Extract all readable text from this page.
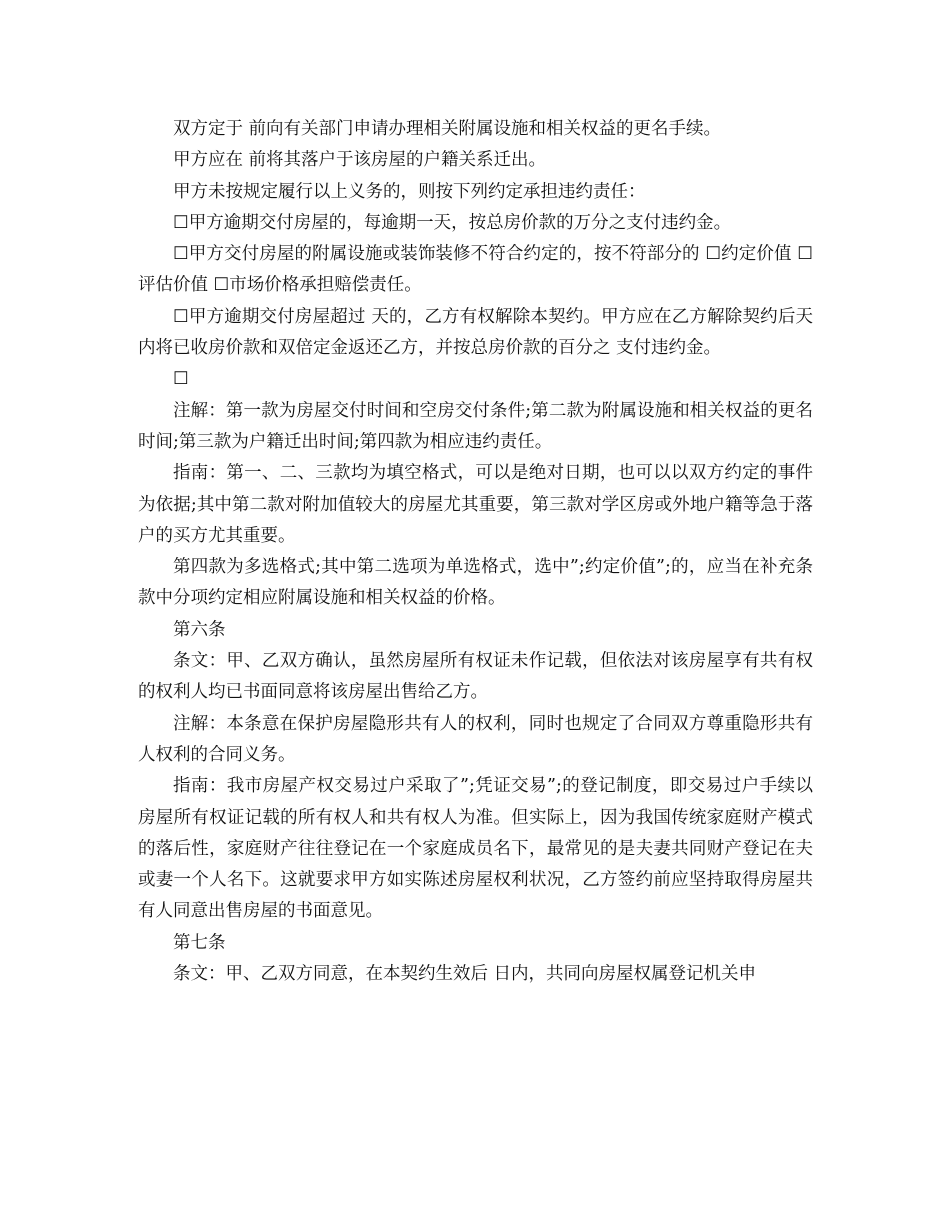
双方定于 前向有关部门申请办理相关附属设施和相关权益的更名手续。

甲方应在 前将其落户于该房屋的户籍关系迁出。

甲方未按规定履行以上义务的，则按下列约定承担违约责任：

☐甲方逾期交付房屋的，每逾期一天，按总房价款的万分之支付违约金。

☐甲方交付房屋的附属设施或装饰装修不符合约定的，按不符部分的 ☐约定价值 ☐评估价值 ☐市场价格承担赔偿责任。

☐甲方逾期交付房屋超过 天的，乙方有权解除本契约。甲方应在乙方解除契约后天内将已收房价款和双倍定金返还乙方，并按总房价款的百分之 支付违约金。

☐

注解：第一款为房屋交付时间和空房交付条件;第二款为附属设施和相关权益的更名时间;第三款为户籍迁出时间;第四款为相应违约责任。

指南：第一、二、三款均为填空格式，可以是绝对日期，也可以以双方约定的事件为依据;其中第二款对附加值较大的房屋尤其重要，第三款对学区房或外地户籍等急于落户的买方尤其重要。

第四款为多选格式;其中第二选项为单选格式，选中”;约定价值”;的，应当在补充条款中分项约定相应附属设施和相关权益的价格。

第六条

条文：甲、乙双方确认，虽然房屋所有权证未作记载，但依法对该房屋享有共有权的权利人均已书面同意将该房屋出售给乙方。

注解：本条意在保护房屋隐形共有人的权利，同时也规定了合同双方尊重隐形共有人权利的合同义务。

指南：我市房屋产权交易过户采取了”;凭证交易”;的登记制度，即交易过户手续以房屋所有权证记载的所有权人和共有权人为准。但实际上，因为我国传统家庭财产模式的落后性，家庭财产往往登记在一个家庭成员名下，最常见的是夫妻共同财产登记在夫或妻一个人名下。这就要求甲方如实陈述房屋权利状况，乙方签约前应坚持取得房屋共有人同意出售房屋的书面意见。

第七条

条文：甲、乙双方同意，在本契约生效后 日内，共同向房屋权属登记机关申
